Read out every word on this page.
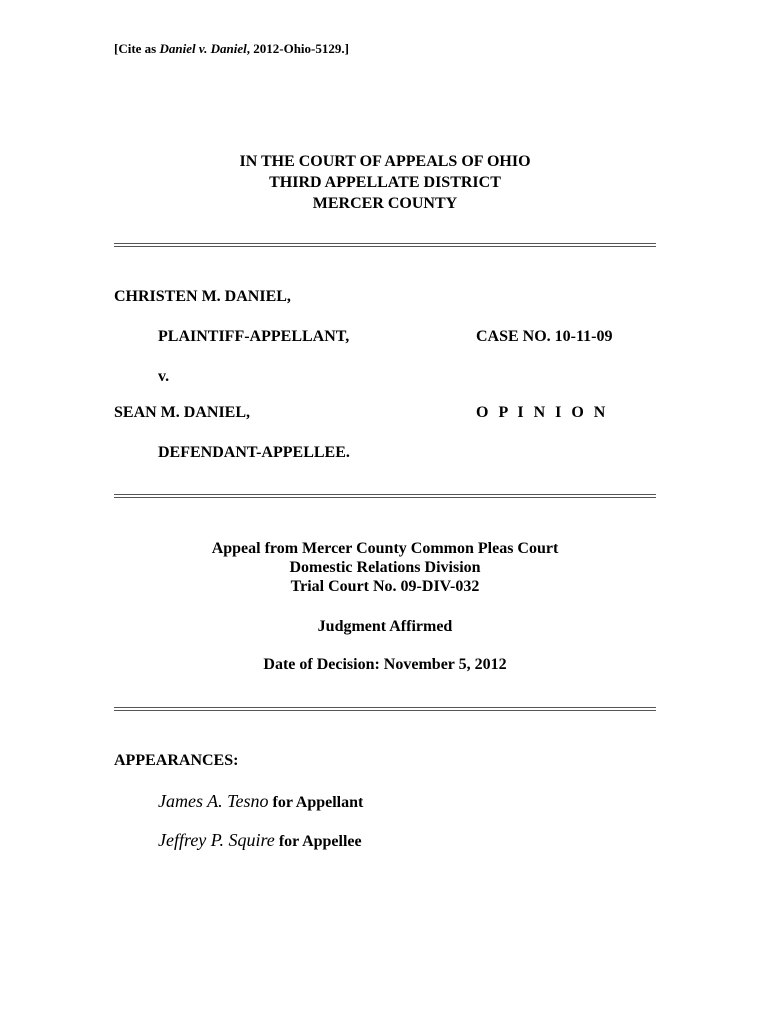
[Cite as Daniel v. Daniel, 2012-Ohio-5129.]
IN THE COURT OF APPEALS OF OHIO
THIRD APPELLATE DISTRICT
MERCER COUNTY
CHRISTEN M. DANIEL,
PLAINTIFF-APPELLANT,	CASE NO. 10-11-09
v.
SEAN M. DANIEL,	O P I N I O N
DEFENDANT-APPELLEE.
Appeal from Mercer County Common Pleas Court
Domestic Relations Division
Trial Court No. 09-DIV-032
Judgment Affirmed
Date of Decision: November 5, 2012
APPEARANCES:
James A. Tesno for Appellant
Jeffrey P. Squire for Appellee
